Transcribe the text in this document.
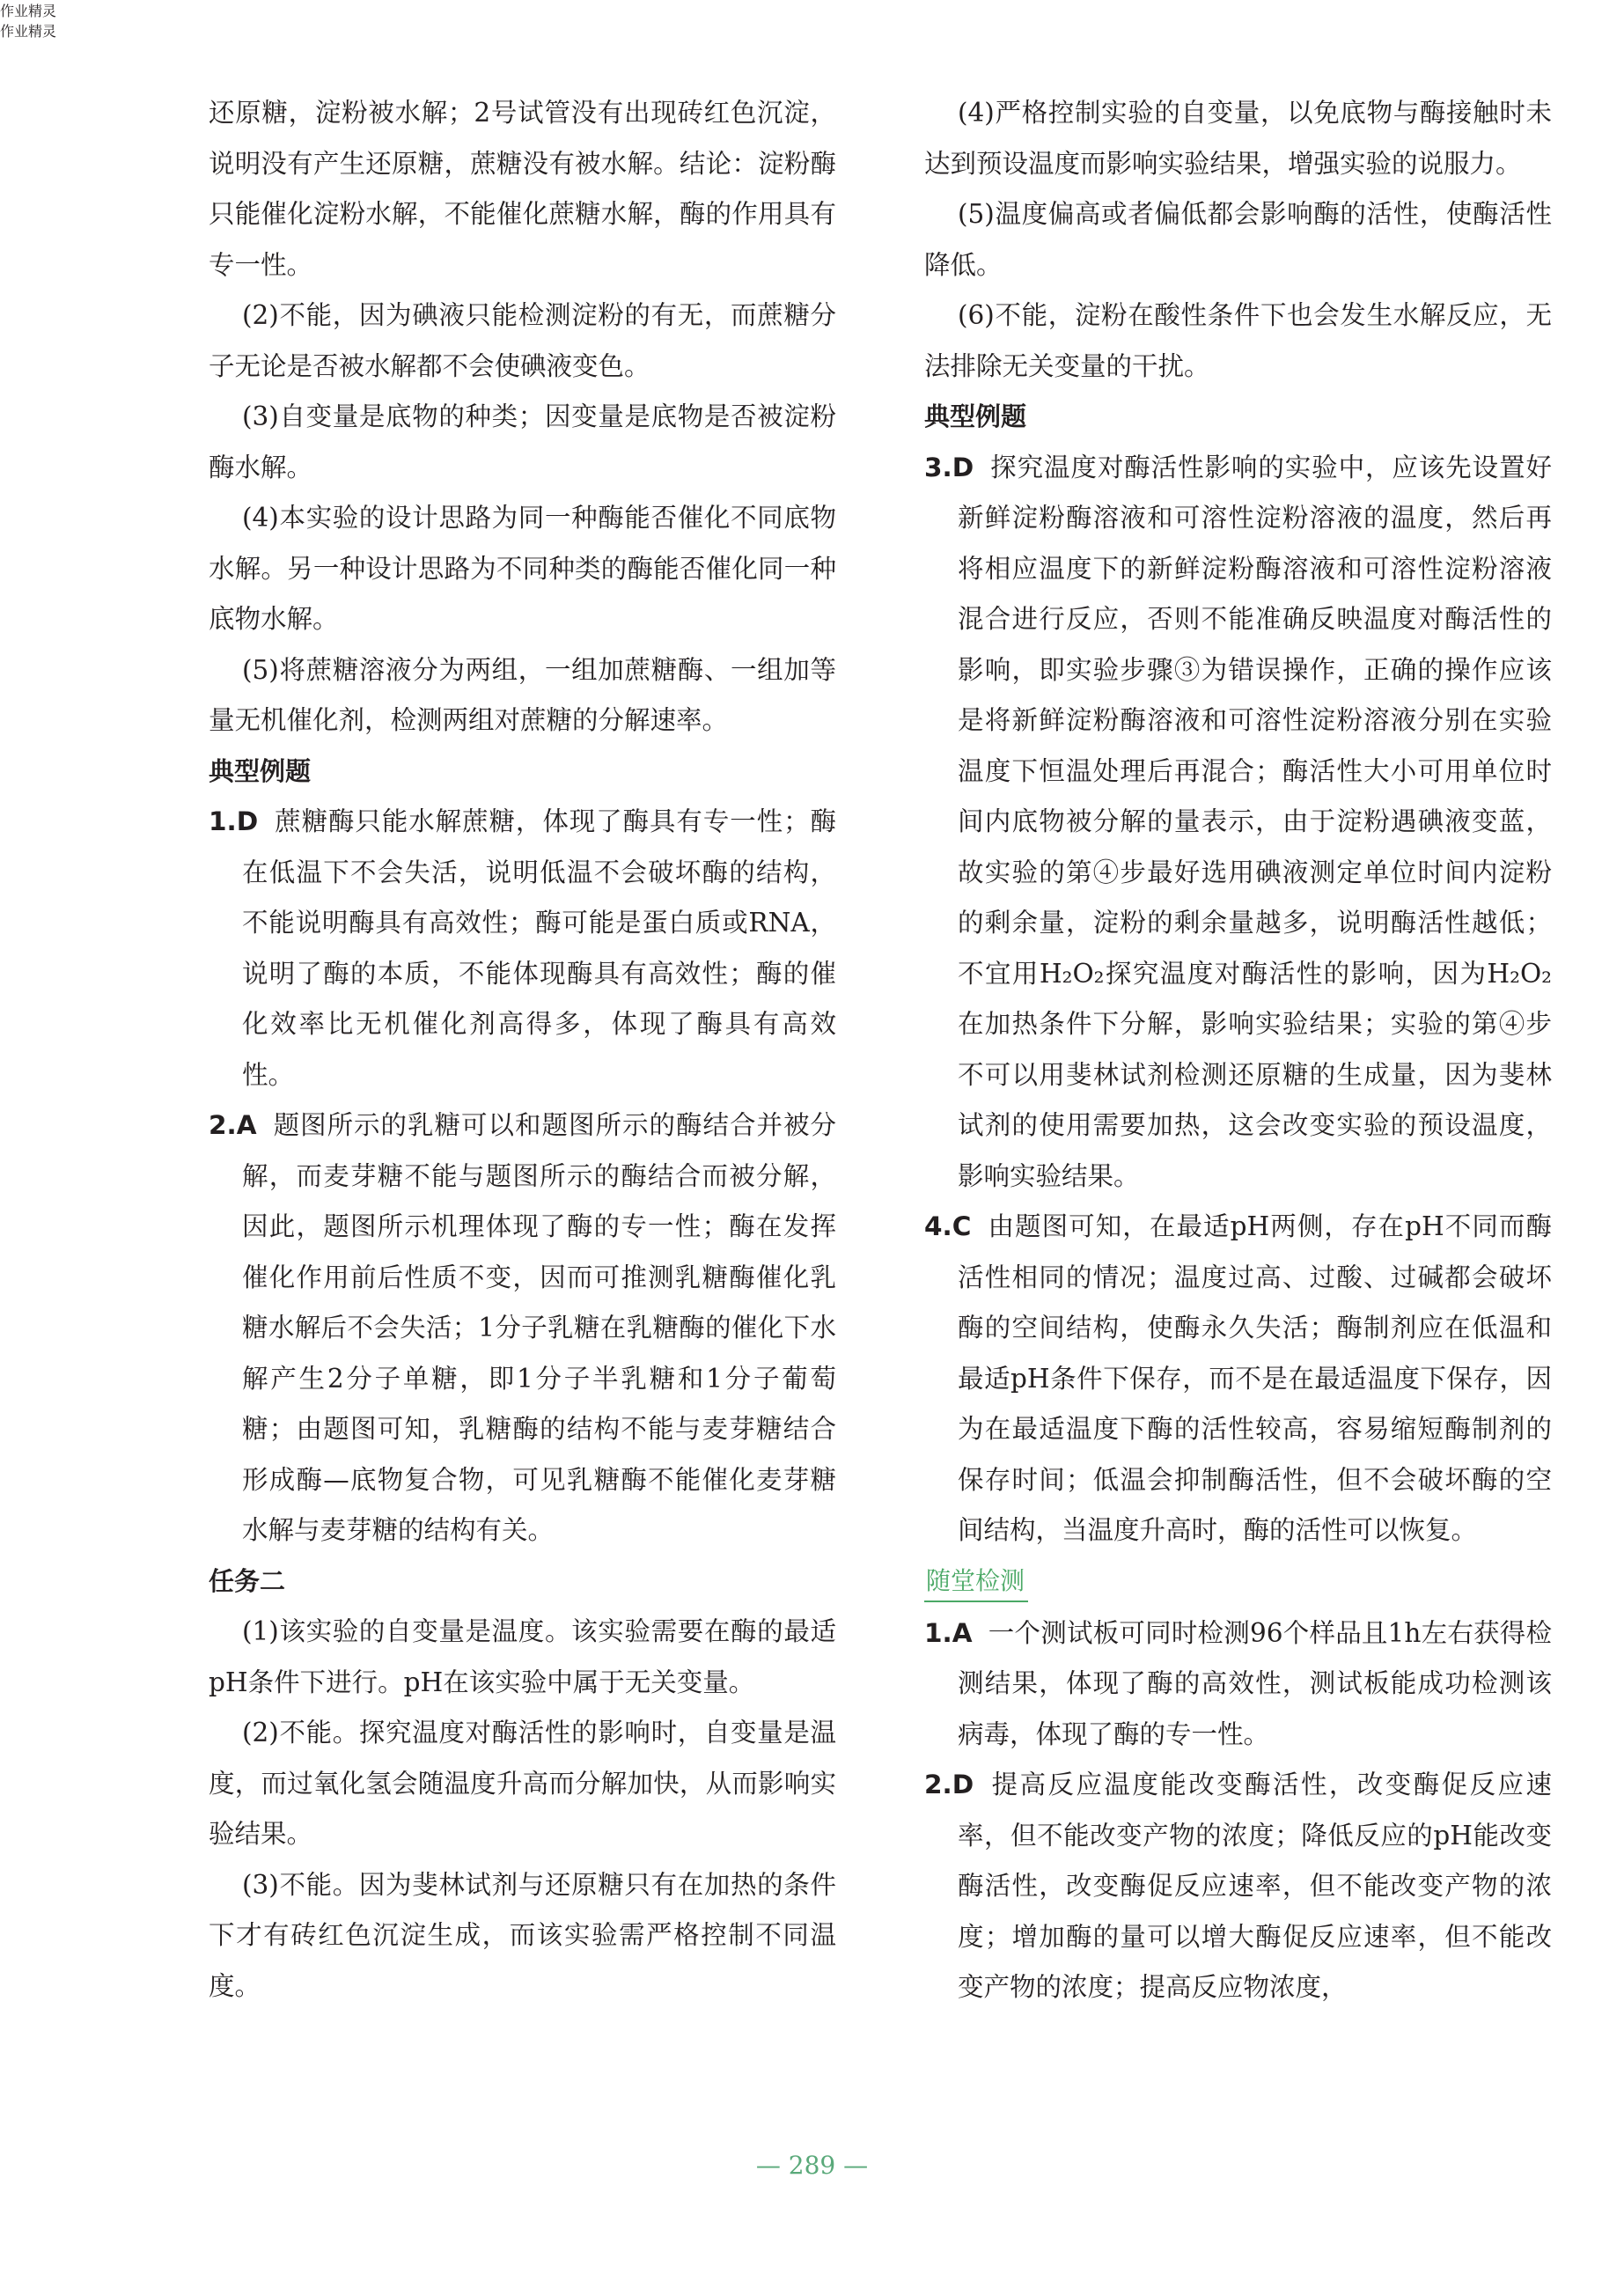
还原糖，淀粉被水解；2号试管没有出现砖红色沉淀，说明没有产生还原糖，蔗糖没有被水解。结论：淀粉酶只能催化淀粉水解，不能催化蔗糖水解，酶的作用具有专一性。

(2)不能，因为碘液只能检测淀粉的有无，而蔗糖分子无论是否被水解都不会使碘液变色。

(3)自变量是底物的种类；因变量是底物是否被淀粉酶水解。

(4)本实验的设计思路为同一种酶能否催化不同底物水解。另一种设计思路为不同种类的酶能否催化同一种底物水解。

(5)将蔗糖溶液分为两组，一组加蔗糖酶、一组加等量无机催化剂，检测两组对蔗糖的分解速率。

典型例题

1.D 蔗糖酶只能水解蔗糖，体现了酶具有专一性；酶在低温下不会失活，说明低温不会破坏酶的结构，不能说明酶具有高效性；酶可能是蛋白质或RNA，说明了酶的本质，不能体现酶具有高效性；酶的催化效率比无机催化剂高得多，体现了酶具有高效性。

2.A 题图所示的乳糖可以和题图所示的酶结合并被分解，而麦芽糖不能与题图所示的酶结合而被分解，因此，题图所示机理体现了酶的专一性；酶在发挥催化作用前后性质不变，因而可推测乳糖酶催化乳糖水解后不会失活；1分子乳糖在乳糖酶的催化下水解产生2分子单糖，即1分子半乳糖和1分子葡萄糖；由题图可知，乳糖酶的结构不能与麦芽糖结合形成酶—底物复合物，可见乳糖酶不能催化麦芽糖水解与麦芽糖的结构有关。

任务二

(1)该实验的自变量是温度。该实验需要在酶的最适pH条件下进行。pH在该实验中属于无关变量。

(2)不能。探究温度对酶活性的影响时，自变量是温度，而过氧化氢会随温度升高而分解加快，从而影响实验结果。

(3)不能。因为斐林试剂与还原糖只有在加热的条件下才有砖红色沉淀生成，而该实验需严格控制不同温度。

(4)严格控制实验的自变量，以免底物与酶接触时未达到预设温度而影响实验结果，增强实验的说服力。

(5)温度偏高或者偏低都会影响酶的活性，使酶活性降低。

(6)不能，淀粉在酸性条件下也会发生水解反应，无法排除无关变量的干扰。

典型例题

3.D 探究温度对酶活性影响的实验中，应该先设置好新鲜淀粉酶溶液和可溶性淀粉溶液的温度，然后再将相应温度下的新鲜淀粉酶溶液和可溶性淀粉溶液混合进行反应，否则不能准确反映温度对酶活性的影响，即实验步骤③为错误操作，正确的操作应该是将新鲜淀粉酶溶液和可溶性淀粉溶液分别在实验温度下恒温处理后再混合；酶活性大小可用单位时间内底物被分解的量表示，由于淀粉遇碘液变蓝，故实验的第④步最好选用碘液测定单位时间内淀粉的剩余量，淀粉的剩余量越多，说明酶活性越低；不宜用H₂O₂探究温度对酶活性的影响，因为H₂O₂在加热条件下分解，影响实验结果；实验的第④步不可以用斐林试剂检测还原糖的生成量，因为斐林试剂的使用需要加热，这会改变实验的预设温度，影响实验结果。

4.C 由题图可知，在最适pH两侧，存在pH不同而酶活性相同的情况；温度过高、过酸、过碱都会破坏酶的空间结构，使酶永久失活；酶制剂应在低温和最适pH条件下保存，而不是在最适温度下保存，因为在最适温度下酶的活性较高，容易缩短酶制剂的保存时间；低温会抑制酶活性，但不会破坏酶的空间结构，当温度升高时，酶的活性可以恢复。

随堂检测

1.A 一个测试板可同时检测96个样品且1h左右获得检测结果，体现了酶的高效性，测试板能成功检测该病毒，体现了酶的专一性。

2.D 提高反应温度能改变酶活性，改变酶促反应速率，但不能改变产物的浓度；降低反应的pH能改变酶活性，改变酶促反应速率，但不能改变产物的浓度；增加酶的量可以增大酶促反应速率，但不能改变产物的浓度；提高反应物浓度，

作业精灵
作业精灵
— 289 —
